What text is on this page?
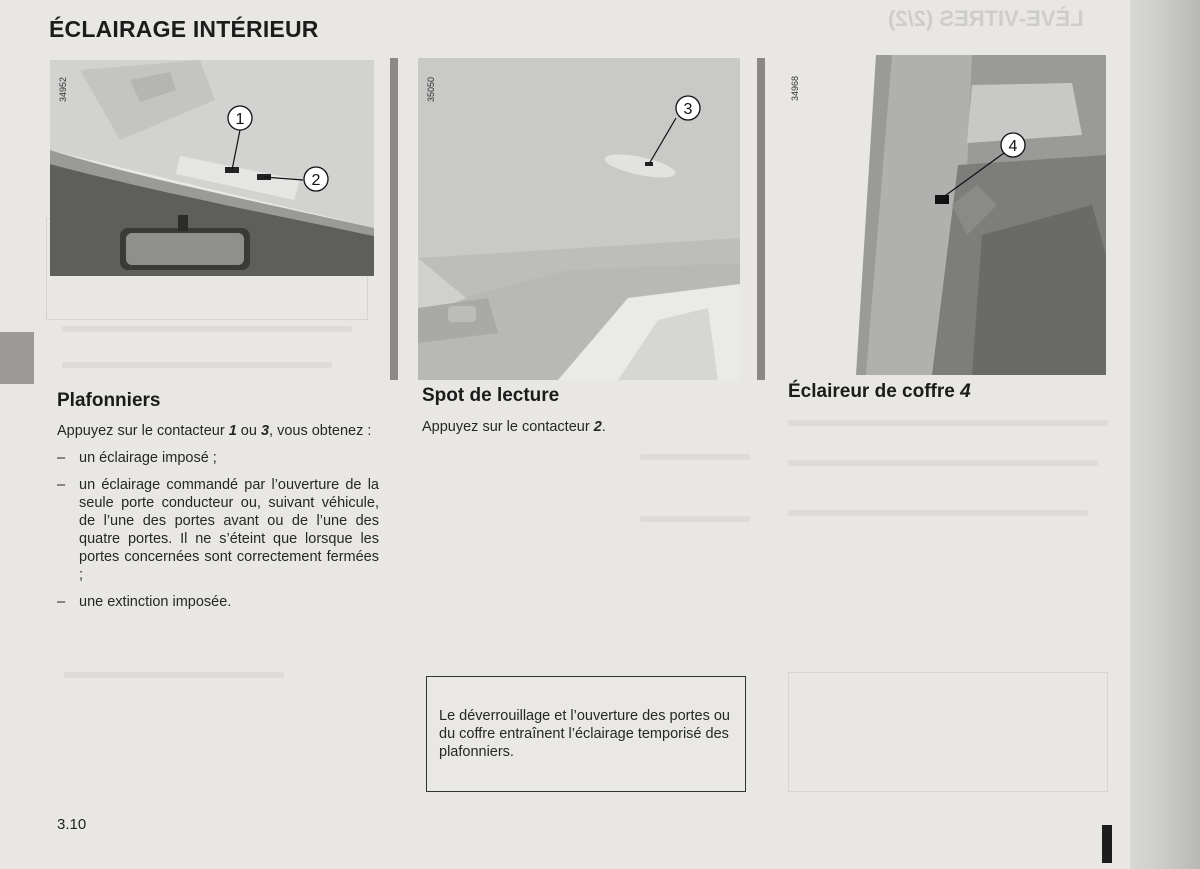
LÈVE-VITRES (2/2)
ÉCLAIRAGE INTÉRIEUR
1
2
34952
3
35050
4
34968
Plafonniers

Appuyez sur le contacteur 1 ou 3, vous obtenez :

– un éclairage imposé ;
– un éclairage commandé par l’ouverture de la seule porte conducteur ou, suivant véhicule, de l’une des portes avant ou de l’une des quatre portes. Il ne s’éteint que lorsque les portes concernées sont correctement fermées ;
– une extinction imposée.
Spot de lecture

Appuyez sur le contacteur 2.

Le déverrouillage et l’ouverture des portes ou du coffre entraînent l’éclairage temporisé des plafonniers.

Éclaireur de coffre 4
3.10
